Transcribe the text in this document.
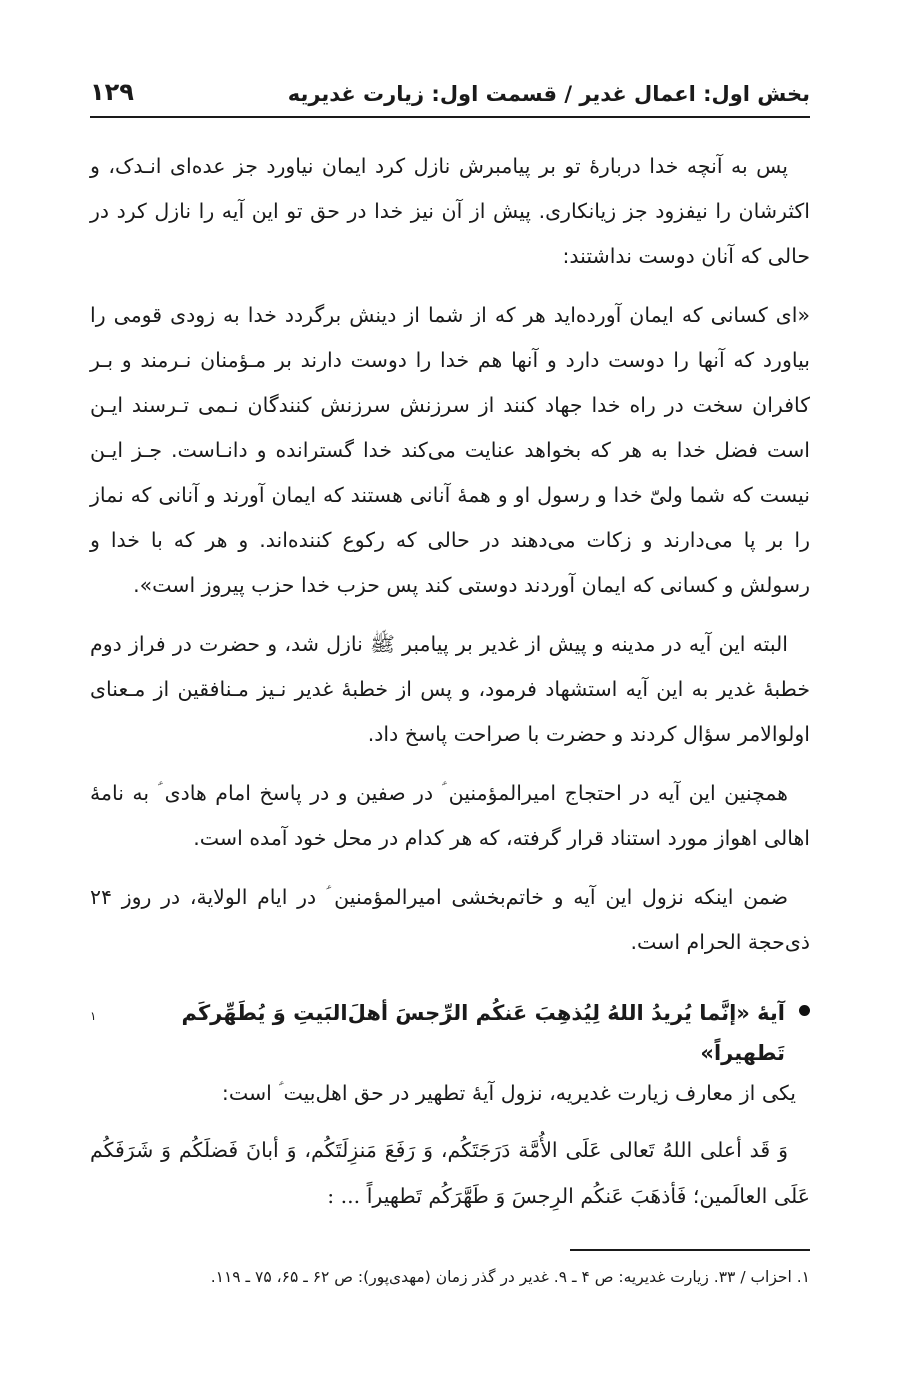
بخش اول: اعمال غدیر / قسمت اول: زیارت غدیریه
۱۲۹

پس به آنچه خدا دربارهٔ تو بر پیامبرش نازل کرد ایمان نیاورد جز عده‌ای انـدک، و اکثرشان را نیفزود جز زیانکاری. پیش از آن نیز خدا در حق تو این آیه را نازل کرد در حالی که آنان دوست نداشتند:

«ای کسانی که ایمان آورده‌اید هر که از شما از دینش برگردد خدا به زودی قومی را بیاورد که آنها را دوست دارد و آنها هم خدا را دوست دارند بر مـؤمنان نـرمند و بـر کافران سخت در راه خدا جهاد کنند از سرزنش سرزنش کنندگان نـمی تـرسند ایـن است فضل خدا به هر که بخواهد عنایت می‌کند خدا گسترانده و دانـاست. جـز ایـن نیست که شما ولیّ خدا و رسول او و همهٔ آنانی هستند که ایمان آورند و آنانی که نماز را بر پا می‌دارند و زکات می‌دهند در حالی که رکوع کننده‌اند. و هر که با خدا و رسولش و کسانی که ایمان آوردند دوستی کند پس حزب خدا حزب پیروز است».

البته این آیه در مدینه و پیش از غدیر بر پیامبر ﷺ نازل شد، و حضرت در فراز دوم خطبهٔ غدیر به این آیه استشهاد فرمود، و پس از خطبهٔ غدیر نـیز مـنافقین از مـعنای اولوالامر سؤال کردند و حضرت با صراحت پاسخ داد.

همچنین این آیه در احتجاج امیرالمؤمنین ؑ در صفین و در پاسخ امام هادی ؑ به نامهٔ اهالی اهواز مورد استناد قرار گرفته، که هر کدام در محل خود آمده است.

ضمن اینکه نزول این آیه و خاتم‌بخشی امیرالمؤمنین ؑ در ایام الولایة، در روز ۲۴ ذی‌حجة الحرام است.

آیهٔ «إنَّما یُریدُ اللهُ لِیُذهِبَ عَنکُم الرِّجسَ أهلَ‌البَیتِ وَ یُطَهِّرکَم تَطهیراً»
۱
یکی از معارف زیارت غدیریه، نزول آیهٔ تطهیر در حق اهل‌بیت ؑ است:
وَ قَد أعلی اللهُ تَعالی عَلَی الأُمَّة دَرَجَتَکُم، وَ رَفَعَ مَنزِلَتَکُم، وَ أبانَ فَضلَکُم وَ شَرَفَکُم عَلَی العالَمین؛ فَأذهَبَ عَنکُم الرِجسَ وَ طَهَّرَکُم تَطهیراً ... :
۱. احزاب / ۳۳. زیارت غدیریه: ص ۴ ـ ۹. غدیر در گذر زمان (مهدی‌پور): ص ۶۲ ـ ۶۵، ۷۵ ـ ۱۱۹.
